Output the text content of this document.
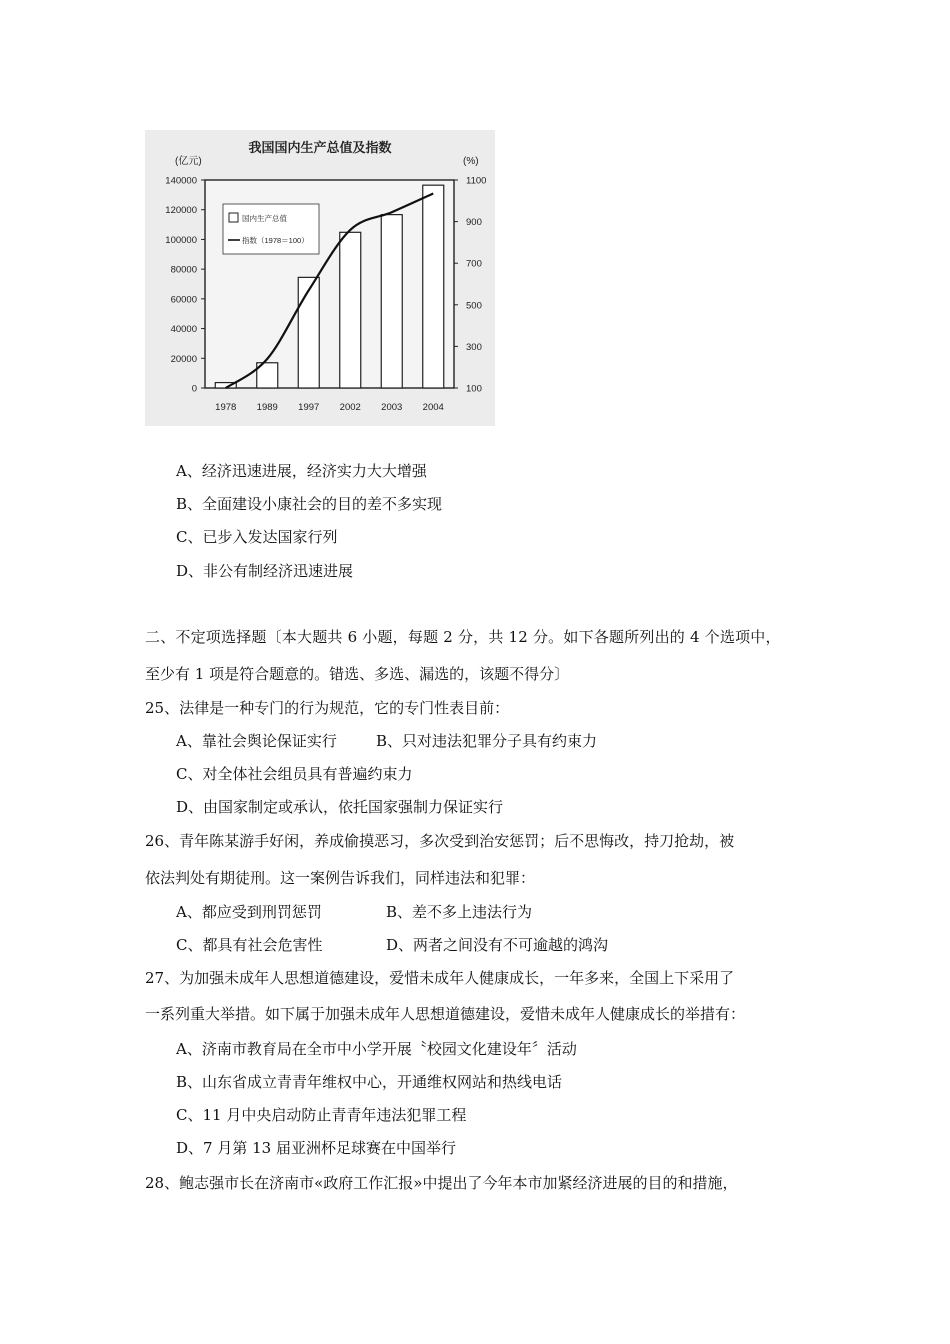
我国国内生产总值及指数
(亿元)	(%)
140000
120000
100000
80000
60000
40000
20000
0
1100
900
700
500
300
100
1978 1989 1997 2002 2003 2004
国内生产总值
指数（1978＝100）
A、经济迅速进展，经济实力大大增强
B、全面建设小康社会的目的差不多实现
C、已步入发达国家行列
D、非公有制经济迅速进展
二、不定项选择题〔本大题共 6 小题，每题 2 分，共 12 分。如下各题所列出的 4 个选项中，
至少有 1 项是符合题意的。错选、多选、漏选的，该题不得分〕
25、法律是一种专门的行为规范，它的专门性表目前：
A、靠社会舆论保证实行	B、只对违法犯罪分子具有约束力
C、对全体社会组员具有普遍约束力
D、由国家制定或承认，依托国家强制力保证实行
26、青年陈某游手好闲，养成偷摸恶习，多次受到治安惩罚；后不思悔改，持刀抢劫，被
依法判处有期徒刑。这一案例告诉我们，同样违法和犯罪：
A、都应受到刑罚惩罚	B、差不多上违法行为
C、都具有社会危害性	D、两者之间没有不可逾越的鸿沟
27、为加强未成年人思想道德建设，爱惜未成年人健康成长，一年多来，全国上下采用了
一系列重大举措。如下属于加强未成年人思想道德建设，爱惜未成年人健康成长的举措有：
A、济南市教育局在全市中小学开展〝校园文化建设年〞活动
B、山东省成立青青年维权中心，开通维权网站和热线电话
C、11 月中央启动防止青青年违法犯罪工程
D、7 月第 13 届亚洲杯足球赛在中国举行
28、鲍志强市长在济南市«政府工作汇报»中提出了今年本市加紧经济进展的目的和措施，
